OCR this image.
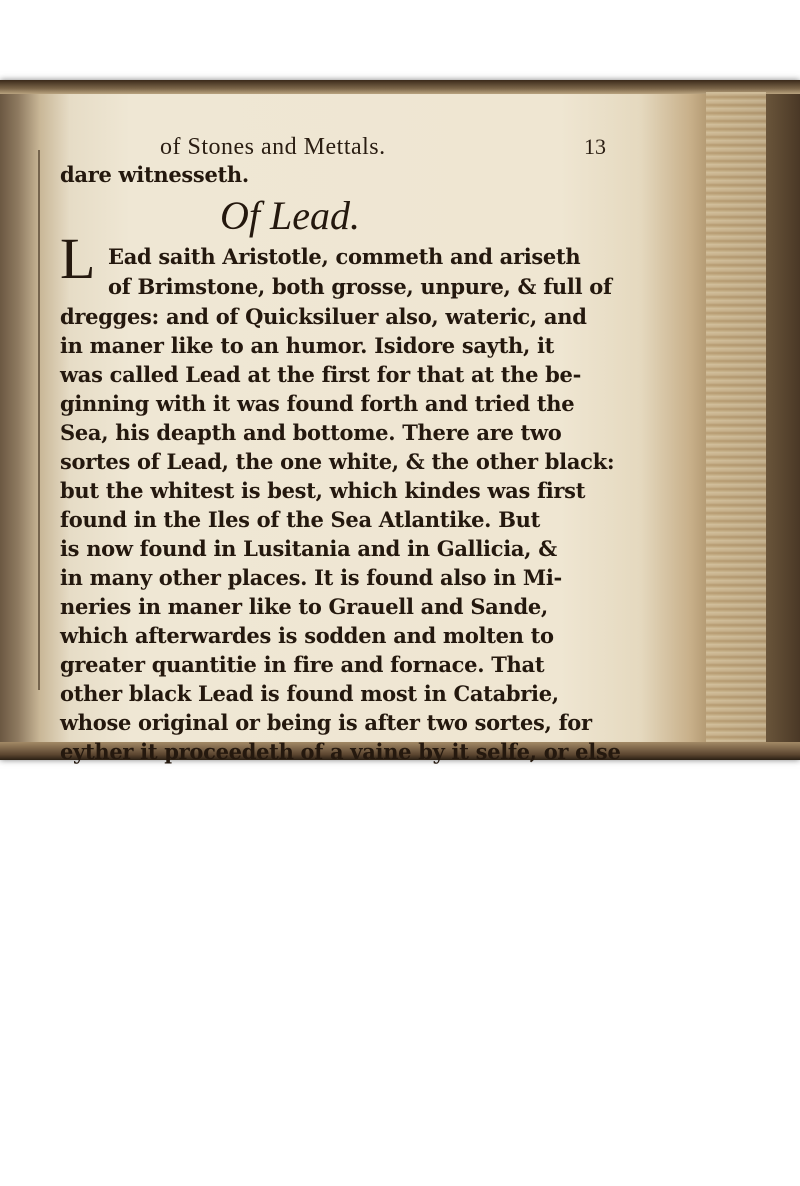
of Stones and Mettals.	13
dare witnesseth.
Of Lead.
L Ead saith Aristotle, commeth and ariseth
of Brimstone, both grosse, unpure, & full of
dregges: and of Quicksiluer also, wateric, and
in maner like to an humor. Isidore sayth, it
was called Lead at the first for that at the be-
ginning with it was found forth and tried the
Sea, his deapth and bottome. There are two
sortes of Lead, the one white, & the other black:
but the whitest is best, which kindes was first
found in the Iles of the Sea Atlantike. But
is now found in Lusitania and in Gallicia, &
in many other places. It is found also in Mi-
neries in maner like to Grauell and Sande,
which afterwardes is sodden and molten to
greater quantitie in fire and fornace. That
other black Lead is found most in Catabrie,
whose original or being is after two sortes, for
eyther it proceedeth of a vaine by it selfe, or else
